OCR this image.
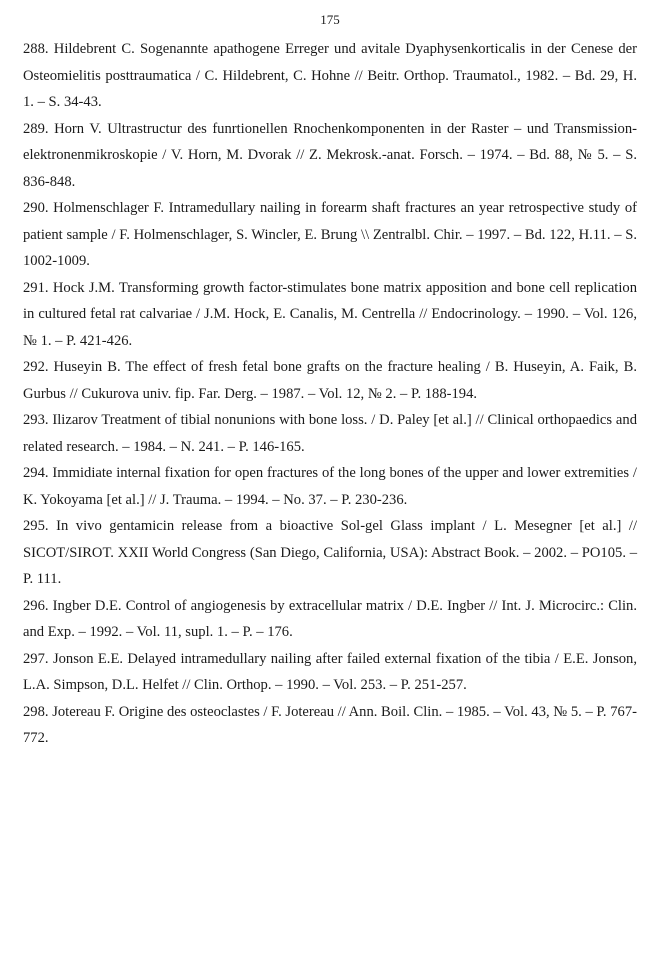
175
288. Hildebrent C. Sogenannte apathogene Erreger und avitale Dyaphysenkorticalis in der Cenese der Osteomielitis posttraumatica / C. Hildebrent, C. Hohne // Beitr. Orthop. Traumatol., 1982. – Bd. 29, H. 1. – S. 34-43.
289. Horn V. Ultrastructur des funrtionellen Rnochenkomponenten in der Raster – und Transmission-elektronenmikroskopie / V. Horn, M. Dvorak // Z. Mekrosk.-anat. Forsch. – 1974. – Bd. 88, № 5. – S. 836-848.
290. Holmenschlager F. Intramedullary nailing in forearm shaft fractures an year retrospective study of patient sample / F. Holmenschlager, S. Wincler, E. Brung \\ Zentralbl. Chir. – 1997. – Bd. 122, H.11. – S. 1002-1009.
291. Hock J.M. Transforming growth factor-stimulates bone matrix apposition and bone cell replication in cultured fetal rat calvariae / J.M. Hock, E. Canalis, M. Centrella // Endocrinology. – 1990. – Vol. 126, № 1. – P. 421-426.
292. Huseyin B. The effect of fresh fetal bone grafts on the fracture healing / B. Huseyin, A. Faik, B. Gurbus // Cukurova univ. fip. Far. Derg. – 1987. – Vol. 12, № 2. – P. 188-194.
293. Ilizarov Treatment of tibial nonunions with bone loss. / D. Paley [et al.] // Clinical orthopaedics and related research. – 1984. – N. 241. – P. 146-165.
294. Immidiate internal fixation for open fractures of the long bones of the upper and lower extremities / K. Yokoyama [et al.] // J. Trauma. – 1994. – No. 37. – P. 230-236.
295. In vivo gentamicin release from a bioactive Sol-gel Glass implant / L. Mesegner [et al.] // SICOT/SIROT. XXII World Congress (San Diego, California, USA): Abstract Book. – 2002. – PO105. – P. 111.
296. Ingber D.E. Control of angiogenesis by extracellular matrix / D.E. Ingber // Int. J. Microcirc.: Clin. and Exp. – 1992. – Vol. 11, supl. 1. – P. – 176.
297. Jonson E.E. Delayed intramedullary nailing after failed external fixation of the tibia / E.E. Jonson, L.A. Simpson, D.L. Helfet // Clin. Orthop. – 1990. – Vol. 253. – P. 251-257.
298. Jotereau F. Origine des osteoclastes / F. Jotereau // Ann. Boil. Clin. – 1985. – Vol. 43, № 5. – P. 767-772.
